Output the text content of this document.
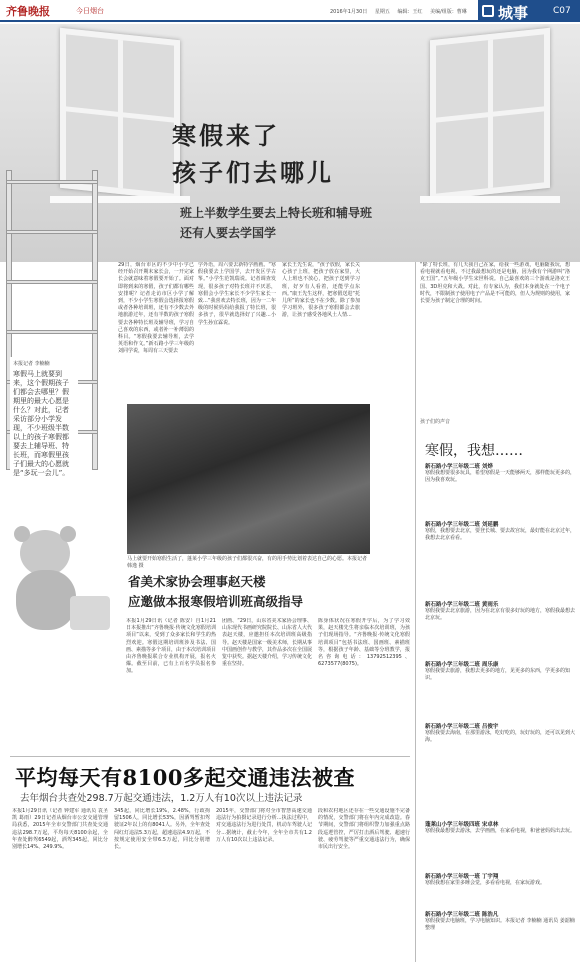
齐鲁晚报	今日烟台	2016年1月30日 星期五 编辑：王红 美编/组版：曹琳 城事	C07
寒假来了
孩子们去哪儿
班上半数学生要去上特长班和辅导班
还有人要去学国学
本报记者 李楠楠
寒假马上就要到来，这个假期孩子们都会去哪里？假期里的最大心愿是什么？对此，记者采访部分小学发现，不少班级半数以上的孩子寒假都要去上辅导班、特长班，而寒假里孩子们最大的心愿就是“多玩一会儿”。
29日，烟台市区的不少中小学已经开始召开期末家长会，一开完家长会就意味着寒假要开始了。面对即将到来的寒假，孩子们都有哪些安排呢？记者走访市区小学了解到，不少小学生寒假会选择报寒假或者各种培训班，还有不少数去外地旅游过年，还有半数的孩子寒假要去各种特长班及辅导班，学习自己喜欢的东西，或者补一补薄弱的科目。“寒假我要去辅导班，去学英语和作文。”新石路小学三年级的刘同学说，每周有三天要去
学外语，周六要去新特学画画。“寒假我要去上学国学，去开发区学古筝。”小学生范凯瑞说。记者调查发现，很多孩子对特长班并不厌恶，寒假会小学生家长不少学生家长一致...“我喜欢去特长班，因为一二年级的时候妈妈给我报了特长班，很多孩子，很早就选择好了兴趣...小学生孙宜霖说。
家长王先生说，“孩子放假，家长关心孩子上班，把孩子放在家里，大人上班也不放心，把孩子送到学习班，好歹有人看着，还能学点东西。”康王先生这样，把寒假送进“托儿所”的家长也不在少数。除了参加学习班外，很多孩子寒假都会去旅游，让孩子感受各地风土人情...
“除了特长班，有几天我自己在家，给我一些游戏，电脑随我玩，想看电视就看电视，不过我最想玩的还是电脑，因为我有个网游叫“洛克王国”。”五年级小学生宋世科说。自己最喜欢的三个游戏是洛克王国、3D坦克和大战。对此，有专家认为，我们本身就处在一个电子时代，不限制孩子使用电子产品是不可能的，但人为规则的使用，家长要为孩子制定合理的时间。
马上就要开始寒假生活了，蓬莱小学三年级的孩子们都很兴奋，有的用手势比划着表达自己的心愿。本报记者 韩逸 摄
省美术家协会理事赵天楼
应邀做本报寒假培训班高级指导
本报1月29日讯（记者 陈安）自1月21日本报推出“齐鲁晚报·传统文化寒假培训项目”以来，受到了众多家长和学生的热烈欢迎。寒假这期培训班涉及书法、国画、素描等多个项目，由于本次培训项目由齐鲁晚报联合专业机构开展，报名火爆。截至目前，已有上百名学员报名参加。
团画、“29日，山东省美术家协会理事、山东现代书画研究院院长、山东省人大代表赵天楼，应邀担任本次培训班高级指导。赵天楼是国家一级美术师，长期从事中国画创作与教学，其作品多次在全国展览中获奖。据赵天楼介绍，学习传统文化重在坚持。
陈身体状况在寒假开学后，为了学习效果，赵天楼先生将亲临本次培训班，为孩子们现场指导。“齐鲁晚报·传统文化寒假培训项目”包括书法班、国画班、素描班等，根据孩子年龄、基础等分班教学，报名咨询电话：13792512395、6273577(8075)。
孩子们的声音
寒假，我想……
新石路小学三年级二班 刘烨
寒假我想要很多玩具，希望寒假是一天能够两天，那样能玩更多的，因为我喜欢玩。
新石路小学三年级二班 刘延鹏
寒假，我想要去北京，要登长城、要去故宫玩，最好能在北京过年，我想去北京看看。
新石路小学三年级二班 黄雨乐
寒假我要去北京旅游，因为在北京有很多好玩的地方，寒假我最想去北京玩。
新石路小学三年级二班 周乐康
寒假我要去旅游，我想去更多的地方，见更多的东西，学更多的知识。
新石路小学三年级二班 吕俊宇
寒假我要去海南，在那里游泳，吃好吃的，玩好玩的，还可以见到大海。
蓬莱山小学三年级四班 宋卓林
寒假我最想要去游泳，去学画画，在家看电视，和爸爸妈妈出去玩。
新石路小学三年级一班 丁宇翔
寒假我想在家里多睡会觉，多看看电视，在家玩游戏。
新石路小学三年级二班 陈浩凡
寒假我要去电脑班，学习电脑知识。本报记者 李楠楠 通讯员 姜韶楠 整理
平均每天有8100多起交通违法被查
去年烟台共查处298.7万起交通违法，1.2万人有10次以上违法记录
本报1月29日讯（记者 钟建军 通讯员 袁圣凯 葛雨）29日记者从烟台市公安交通管理局获悉，2015年全市交警部门共查处交通违法298.7万起，平均每天8100余起，全年查处醉驾6549起，酒驾345起，同比分别增长14%、249.9%。
345起，同比增长19%，2.48%，行政拘留1506人，同比增长53%，因酒驾暂扣驾驶证2年以上的有8041人。另外，全年查处闯红灯违法5.3万起，超速违法4.9万起，不按规定使用安全带6.5万起，同比分别增长。
2015年，交警部门将对全市智慧高速交通违法行为拍摄记录进行分析...执法过程中，对交通违法行为进行处罚，机动车驾驶人记分...据统计，截止今年，全年全市共有1.2万人有10次以上违法记录。
段和农村地区还存在一些交通设施不完备的情况，交警部门将在年内完成改造。春节期间，交警部门将组织警力加强重点路段巡逻管控，严厉打击酒后驾驶、超速行驶、疲劳驾驶等严重交通违法行为，确保市民出行安全。
